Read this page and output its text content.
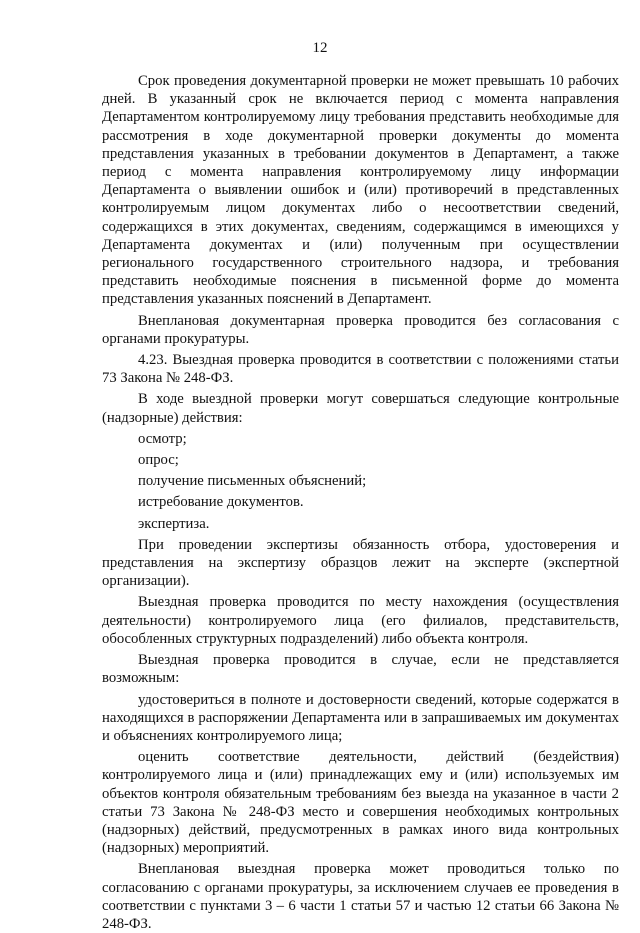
12

Срок проведения документарной проверки не может превышать 10 рабочих дней. В указанный срок не включается период с момента направления Департаментом контролируемому лицу требования представить необходимые для рассмотрения в ходе документарной проверки документы до момента представления указанных в требовании документов в Департамент, а также период с момента направления контролируемому лицу информации Департамента о выявлении ошибок и (или) противоречий в представленных контролируемым лицом документах либо о несоответствии сведений, содержащихся в этих документах, сведениям, содержащимся в имеющихся у Департамента документах и (или) полученным при осуществлении регионального государственного строительного надзора, и требования представить необходимые пояснения в письменной форме до момента представления указанных пояснений в Департамент.

Внеплановая документарная проверка проводится без согласования с органами прокуратуры.

4.23. Выездная проверка проводится в соответствии с положениями статьи 73 Закона № 248-ФЗ.

В ходе выездной проверки могут совершаться следующие контрольные (надзорные) действия:

осмотр;

опрос;

получение письменных объяснений;

истребование документов.

экспертиза.

При проведении экспертизы обязанность отбора, удостоверения и представления на экспертизу образцов лежит на эксперте (экспертной организации).

Выездная проверка проводится по месту нахождения (осуществления деятельности) контролируемого лица (его филиалов, представительств, обособленных структурных подразделений) либо объекта контроля.

Выездная проверка проводится в случае, если не представляется возможным:

удостовериться в полноте и достоверности сведений, которые содержатся в находящихся в распоряжении Департамента или в запрашиваемых им документах и объяснениях контролируемого лица;

оценить соответствие деятельности, действий (бездействия) контролируемого лица и (или) принадлежащих ему и (или) используемых им объектов контроля обязательным требованиям без выезда на указанное в части 2 статьи 73 Закона № 248-ФЗ место и совершения необходимых контрольных (надзорных) действий, предусмотренных в рамках иного вида контрольных (надзорных) мероприятий.

Внеплановая выездная проверка может проводиться только по согласованию с органами прокуратуры, за исключением случаев ее проведения в соответствии с пунктами 3 – 6 части 1 статьи 57 и частью 12 статьи 66 Закона № 248-ФЗ.
